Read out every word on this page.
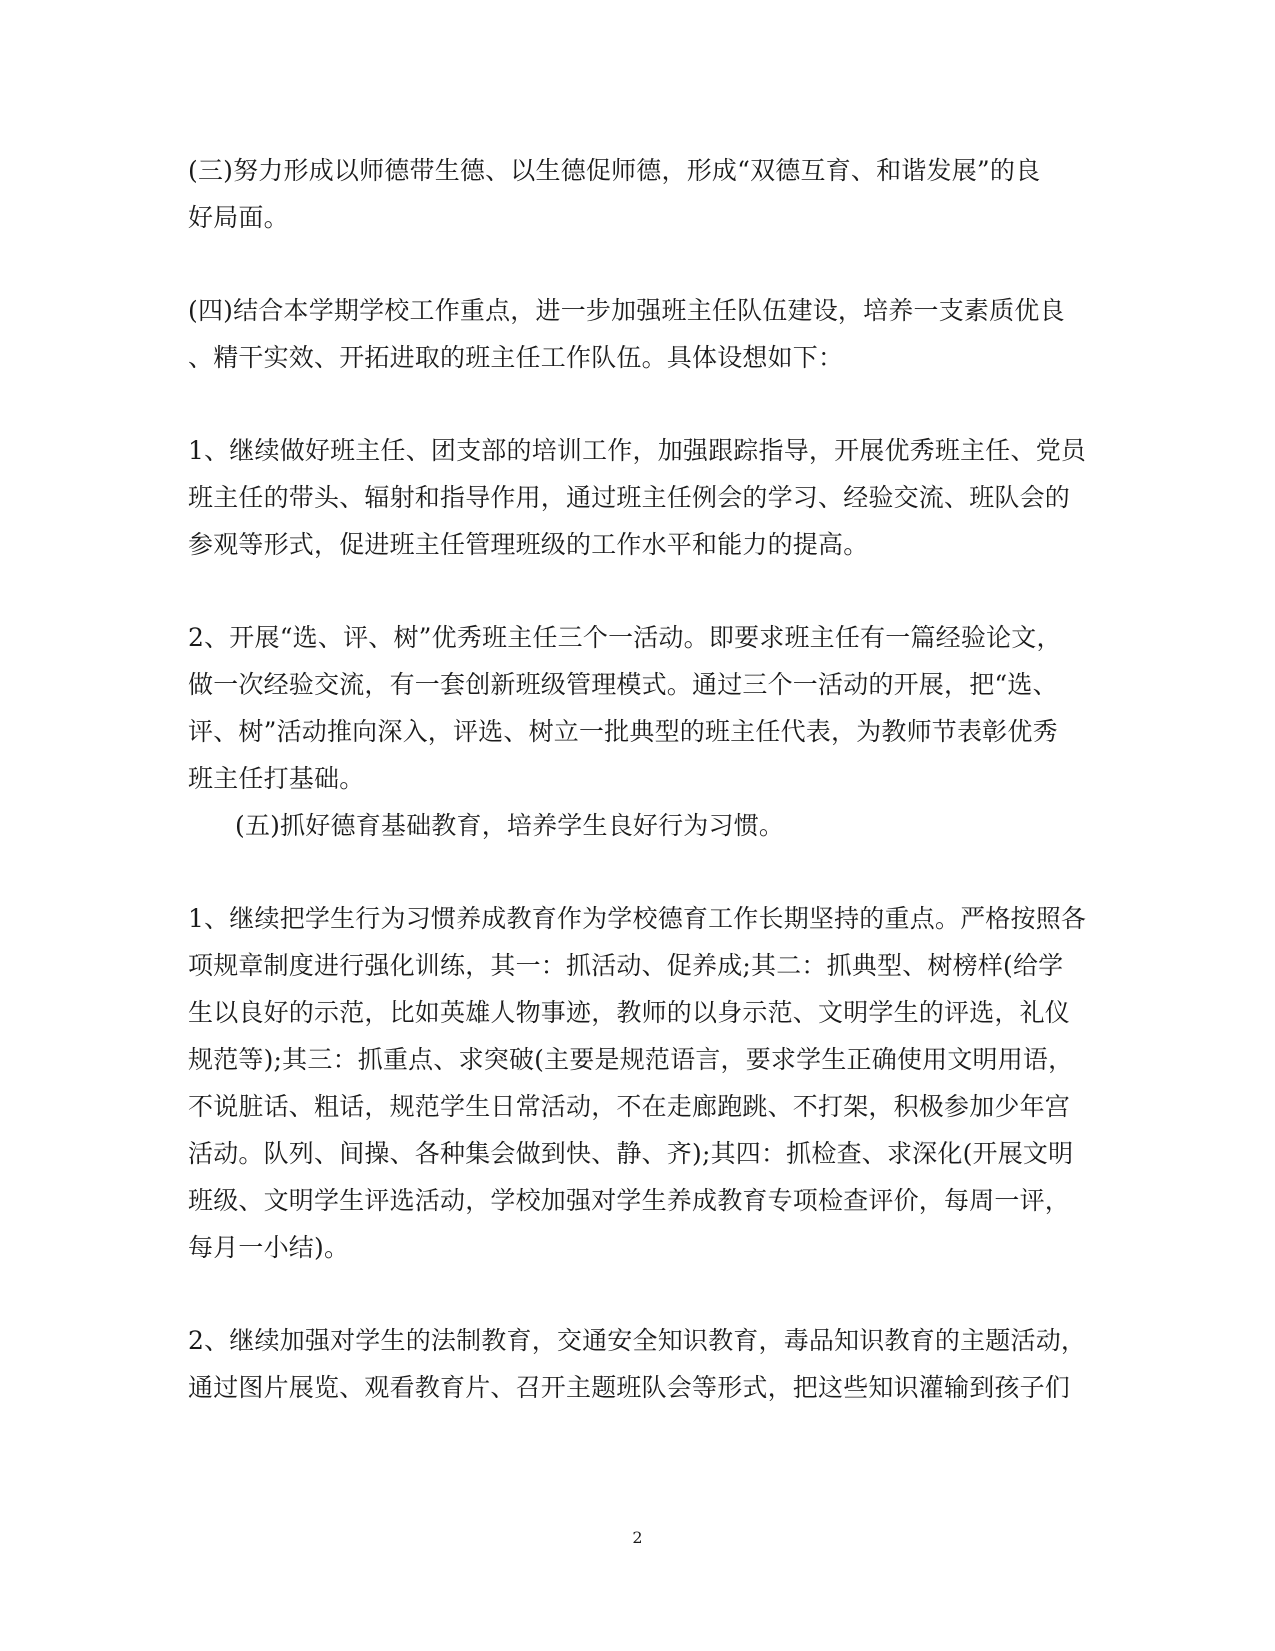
(三)努力形成以师德带生德、以生德促师德，形成“双德互育、和谐发展”的良
好局面。
(四)结合本学期学校工作重点，进一步加强班主任队伍建设，培养一支素质优良
、精干实效、开拓进取的班主任工作队伍。具体设想如下：
1、继续做好班主任、团支部的培训工作，加强跟踪指导，开展优秀班主任、党员
班主任的带头、辐射和指导作用，通过班主任例会的学习、经验交流、班队会的
参观等形式，促进班主任管理班级的工作水平和能力的提高。
2、开展“选、评、树”优秀班主任三个一活动。即要求班主任有一篇经验论文，
做一次经验交流，有一套创新班级管理模式。通过三个一活动的开展，把“选、
评、树”活动推向深入，评选、树立一批典型的班主任代表，为教师节表彰优秀
班主任打基础。
(五)抓好德育基础教育，培养学生良好行为习惯。
1、继续把学生行为习惯养成教育作为学校德育工作长期坚持的重点。严格按照各
项规章制度进行强化训练，其一：抓活动、促养成;其二：抓典型、树榜样(给学
生以良好的示范，比如英雄人物事迹，教师的以身示范、文明学生的评选，礼仪
规范等);其三：抓重点、求突破(主要是规范语言，要求学生正确使用文明用语，
不说脏话、粗话，规范学生日常活动，不在走廊跑跳、不打架，积极参加少年宫
活动。队列、间操、各种集会做到快、静、齐);其四：抓检查、求深化(开展文明
班级、文明学生评选活动，学校加强对学生养成教育专项检查评价，每周一评，
每月一小结)。
2、继续加强对学生的法制教育，交通安全知识教育，毒品知识教育的主题活动，
通过图片展览、观看教育片、召开主题班队会等形式，把这些知识灌输到孩子们
2
